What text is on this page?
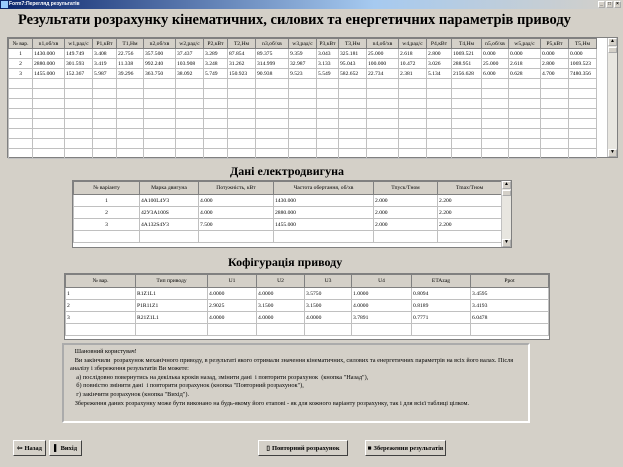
Form7:Перегляд результатів	_	□	×
Результати розрахунку кінематичних, силових та енергетичних параметрів приводу
№ вар.	n1,об/хв	w1,рад/с	P1,кВт	T1,Нм	n2,об/хв	w2,рад/с	P2,кВт	T2,Нм	n3,об/хв	w3,рад/с	P3,кВт	T3,Нм	n4,об/хв	w4,рад/с	P4,кВт	T4,Нм	n5,об/хв	w5,рад/с	P5,кВт	T5,Нм
1	1430.000	149.749	3.408	22.756	357.500	37.437	3.289	87.854	89.375	9.359	3.043	325.181	25.000	2.618	2.800	1069.521	0.000	0.000	0.000	0.000
2	2880.000	301.593	3.419	11.338	992.240	103.908	3.248	31.262	314.999	32.987	3.133	95.043	100.000	10.472	3.026	288.951	25.000	2.618	2.800	1069.523
3	1455.000	152.367	5.987	39.296	363.750	38.092	5.749	150.923	90.938	9.523	5.549	582.652	22.734	2.381	5.134	2156.628	6.000	0.628	4.700	7480.356

▲
▼
Дані електродвигуна
№ варіанту	Марка двигуна	Потужність, кВт	Частота обертання, об/хв	Тпуск/Тном	Тmax/Тном
1	4A100L4У3	4.000	1430.000	2.000	2.200
2	42У3A100S	4.000	2880.000	2.000	2.200
3	4A132S4У3	7.500	1455.000	2.000	2.200

▲
▼
Кофігурація приводу
№ вар.	Тип приводу	U1	U2	U3	U4	ETAzag	Ppot
1	R1Z1L1	4.0000	4.0000	3.5750	1.0000	0.8094	3.4595
2	P1R11Z1	2.9025	3.1500	3.1500	4.0000	0.8189	3.4193
3	R21Z1L1	4.0000	4.0000	4.0000	3.7891	0.7771	6.0478

Шановний користувач!
Ви закінчили  розрахунок механічного приводу, в результаті якого отримали значення кінематичних, силових та енергетичних параметрів на всіх його валах. Після аналізу і збереження результатів Ви можете:
а) послідовно повернутись на декілька кроків назад, змінити дані  і повторити розрахунок  (кнопка "Назад"),
б) повністю змінити дані  і повторити розрахунок (кнопка "Повторний розрахунок"),
г) закінчити розрахунок (кнопка "Вихід").
Збереження даних розрахунку може бути виконано на будь-якому його етапові - як для кожного варіанту розрахунку, так і для всієї таблиці цілком.
⇦ Назад ▌ Вихід	▯ Повторний розрахунок	■ Збереження результатів
